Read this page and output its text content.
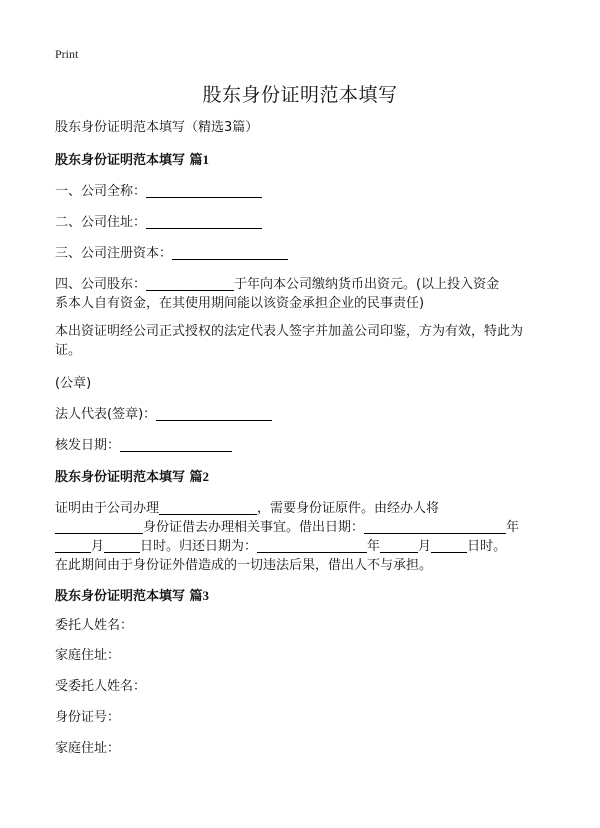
Print
股东身份证明范本填写
股东身份证明范本填写（精选3篇）
股东身份证明范本填写 篇1
一、公司全称：
二、公司住址：
三、公司注册资本：
四、公司股东：	于年向本公司缴纳货币出资元。(以上投入资金
系本人自有资金，在其使用期间能以该资金承担企业的民事责任)
本出资证明经公司正式授权的法定代表人签字并加盖公司印鉴，方为有效，特此为
证。
(公章)
法人代表(签章)：
核发日期：
股东身份证明范本填写 篇2
证明由于公司办理	，需要身份证原件。由经办人将
身份证借去办理相关事宜。借出日期：	年
月	日时。归还日期为：	年	月	日时。
在此期间由于身份证外借造成的一切违法后果，借出人不与承担。
股东身份证明范本填写 篇3
委托人姓名：
家庭住址：
受委托人姓名：
身份证号：
家庭住址：
